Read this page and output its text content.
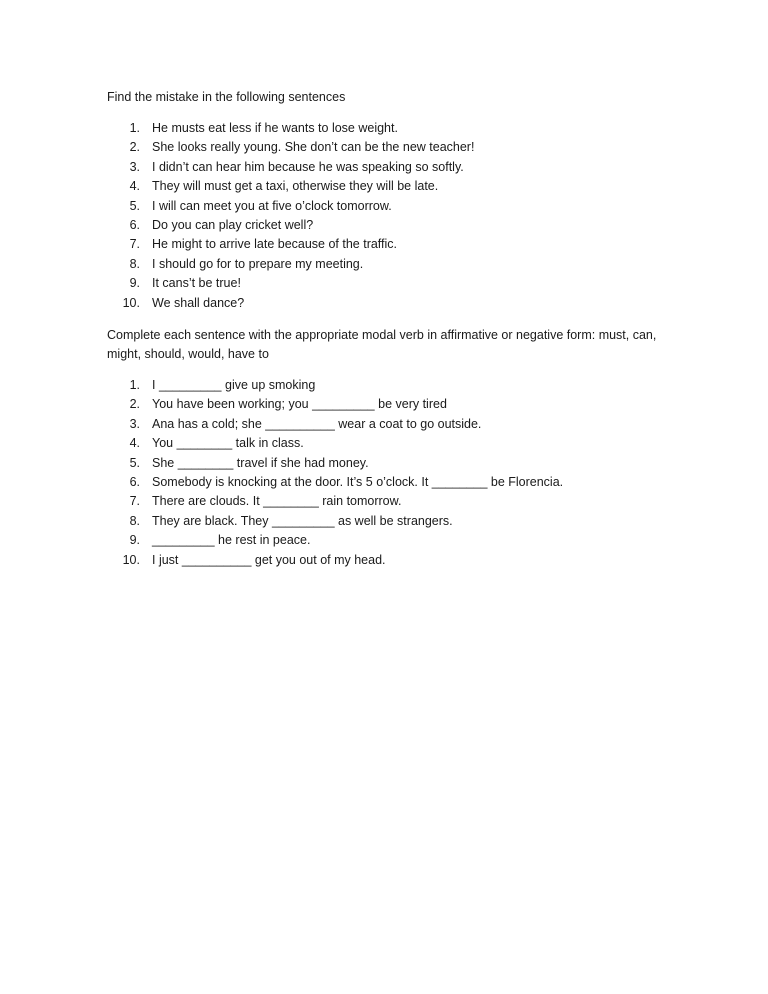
Find the mistake in the following sentences

1. He musts eat less if he wants to lose weight.
2. She looks really young. She don’t can be the new teacher!
3. I didn’t can hear him because he was speaking so softly.
4. They will must get a taxi, otherwise they will be late.
5. I will can meet you at five o’clock tomorrow.
6. Do you can play cricket well?
7. He might to arrive late because of the traffic.
8. I should go for to prepare my meeting.
9. It cans’t be true!
10. We shall dance?

Complete each sentence with the appropriate modal verb in affirmative or negative form: must, can, might, should, would, have to

1. I _________ give up smoking
2. You have been working; you _________ be very tired
3. Ana has a cold; she __________ wear a coat to go outside.
4. You ________ talk in class.
5. She ________ travel if she had money.
6. Somebody is knocking at the door. It’s 5 o’clock. It ________ be Florencia.
7. There are clouds. It ________ rain tomorrow.
8. They are black. They _________ as well be strangers.
9. _________ he rest in peace.
10. I just __________ get you out of my head.
